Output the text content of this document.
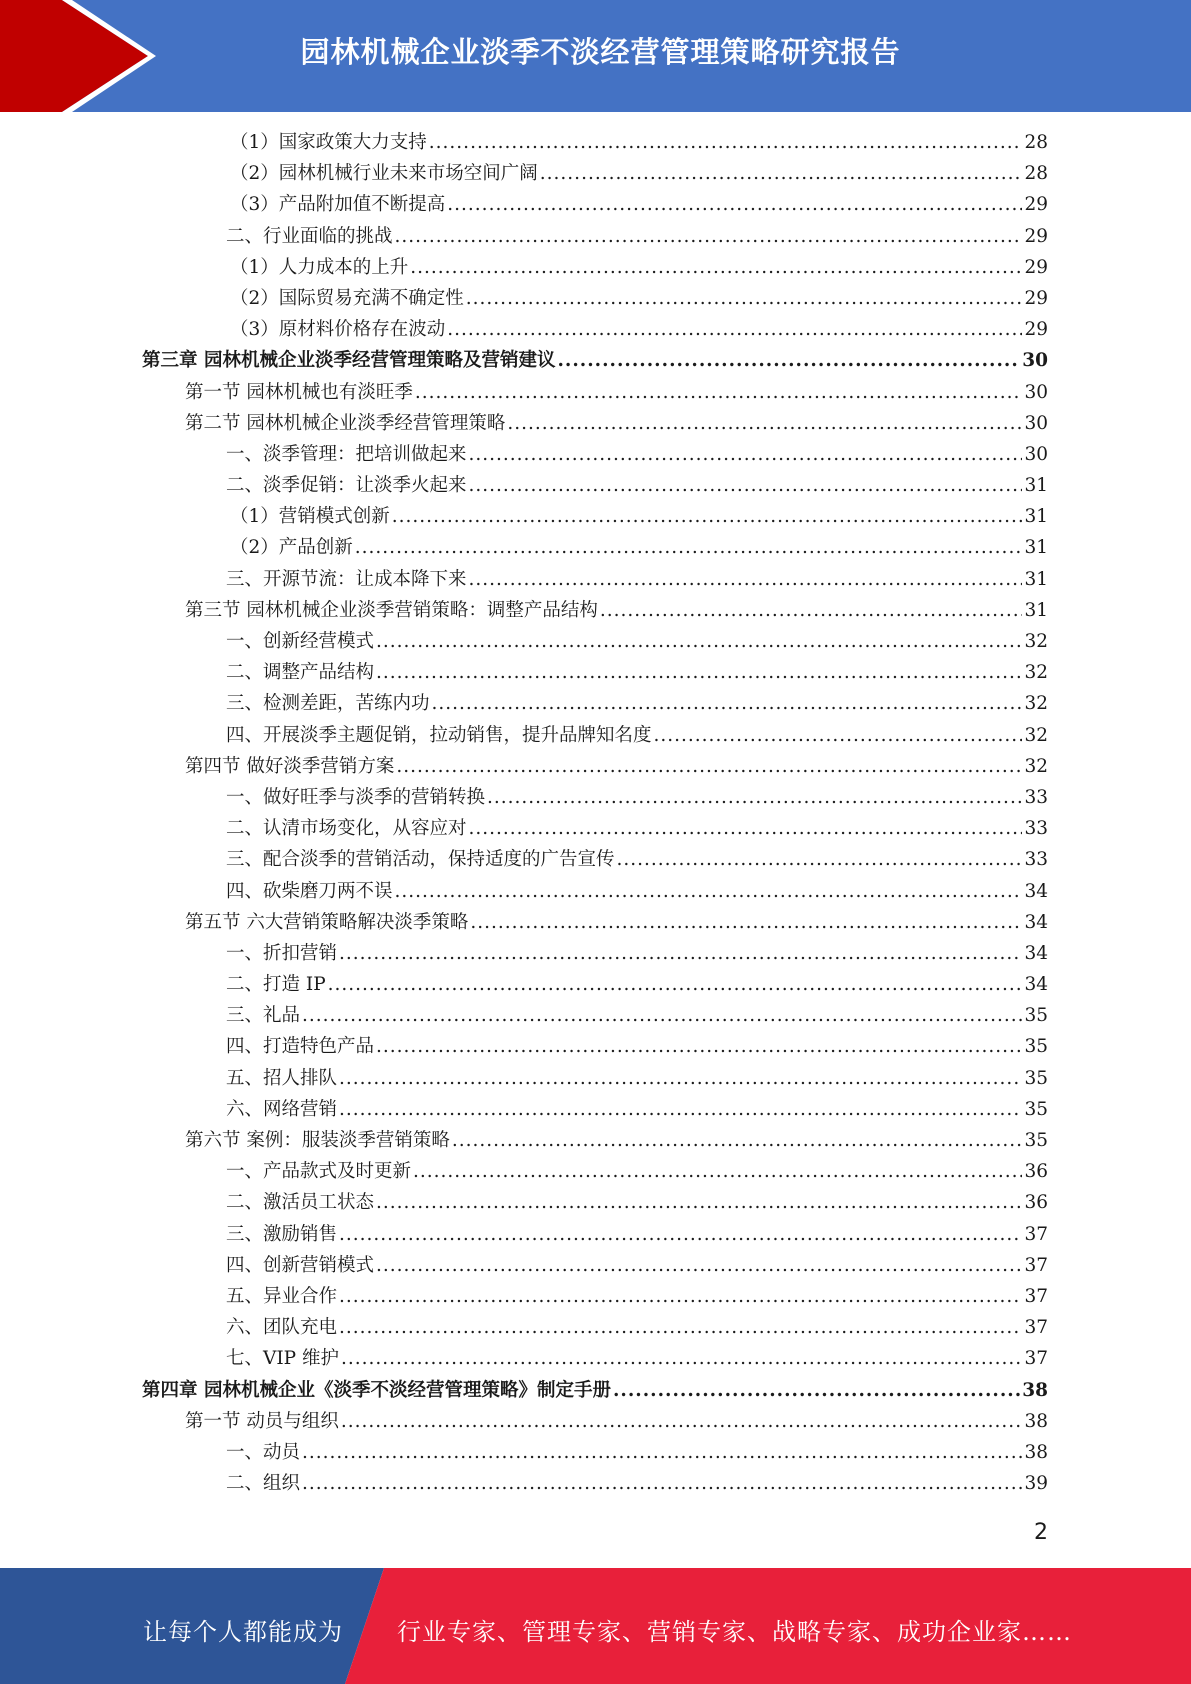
园林机械企业淡季不淡经营管理策略研究报告
（1）国家政策大力支持 .....	28
（2）园林机械行业未来市场空间广阔 .....	28
（3）产品附加值不断提高 .....	29
二、行业面临的挑战 .....	29
（1）人力成本的上升 .....	29
（2）国际贸易充满不确定性 .....	29
（3）原材料价格存在波动 .....	29
第三章 园林机械企业淡季经营管理策略及营销建议 .....	30
第一节 园林机械也有淡旺季 .....	30
第二节 园林机械企业淡季经营管理策略 .....	30
一、淡季管理：把培训做起来 .....	30
二、淡季促销：让淡季火起来 .....	31
（1）营销模式创新 .....	31
（2）产品创新 .....	31
三、开源节流：让成本降下来 .....	31
第三节 园林机械企业淡季营销策略：调整产品结构 .....	31
一、创新经营模式 .....	32
二、调整产品结构 .....	32
三、检测差距，苦练内功 .....	32
四、开展淡季主题促销，拉动销售，提升品牌知名度 .....	32
第四节 做好淡季营销方案 .....	32
一、做好旺季与淡季的营销转换 .....	33
二、认清市场变化，从容应对 .....	33
三、配合淡季的营销活动，保持适度的广告宣传 .....	33
四、砍柴磨刀两不误 .....	34
第五节 六大营销策略解决淡季策略 .....	34
一、折扣营销 .....	34
二、打造 IP .....	34
三、礼品 .....	35
四、打造特色产品 .....	35
五、招人排队 .....	35
六、网络营销 .....	35
第六节 案例：服装淡季营销策略 .....	35
一、产品款式及时更新 .....	36
二、激活员工状态 .....	36
三、激励销售 .....	37
四、创新营销模式 .....	37
五、异业合作 .....	37
六、团队充电 .....	37
七、VIP 维护 .....	37
第四章 园林机械企业《淡季不淡经营管理策略》制定手册 .....	38
第一节 动员与组织 .....	38
一、动员 .....	38
二、组织 .....	39
2
让每个人都能成为 行业专家、管理专家、营销专家、战略专家、成功企业家……
